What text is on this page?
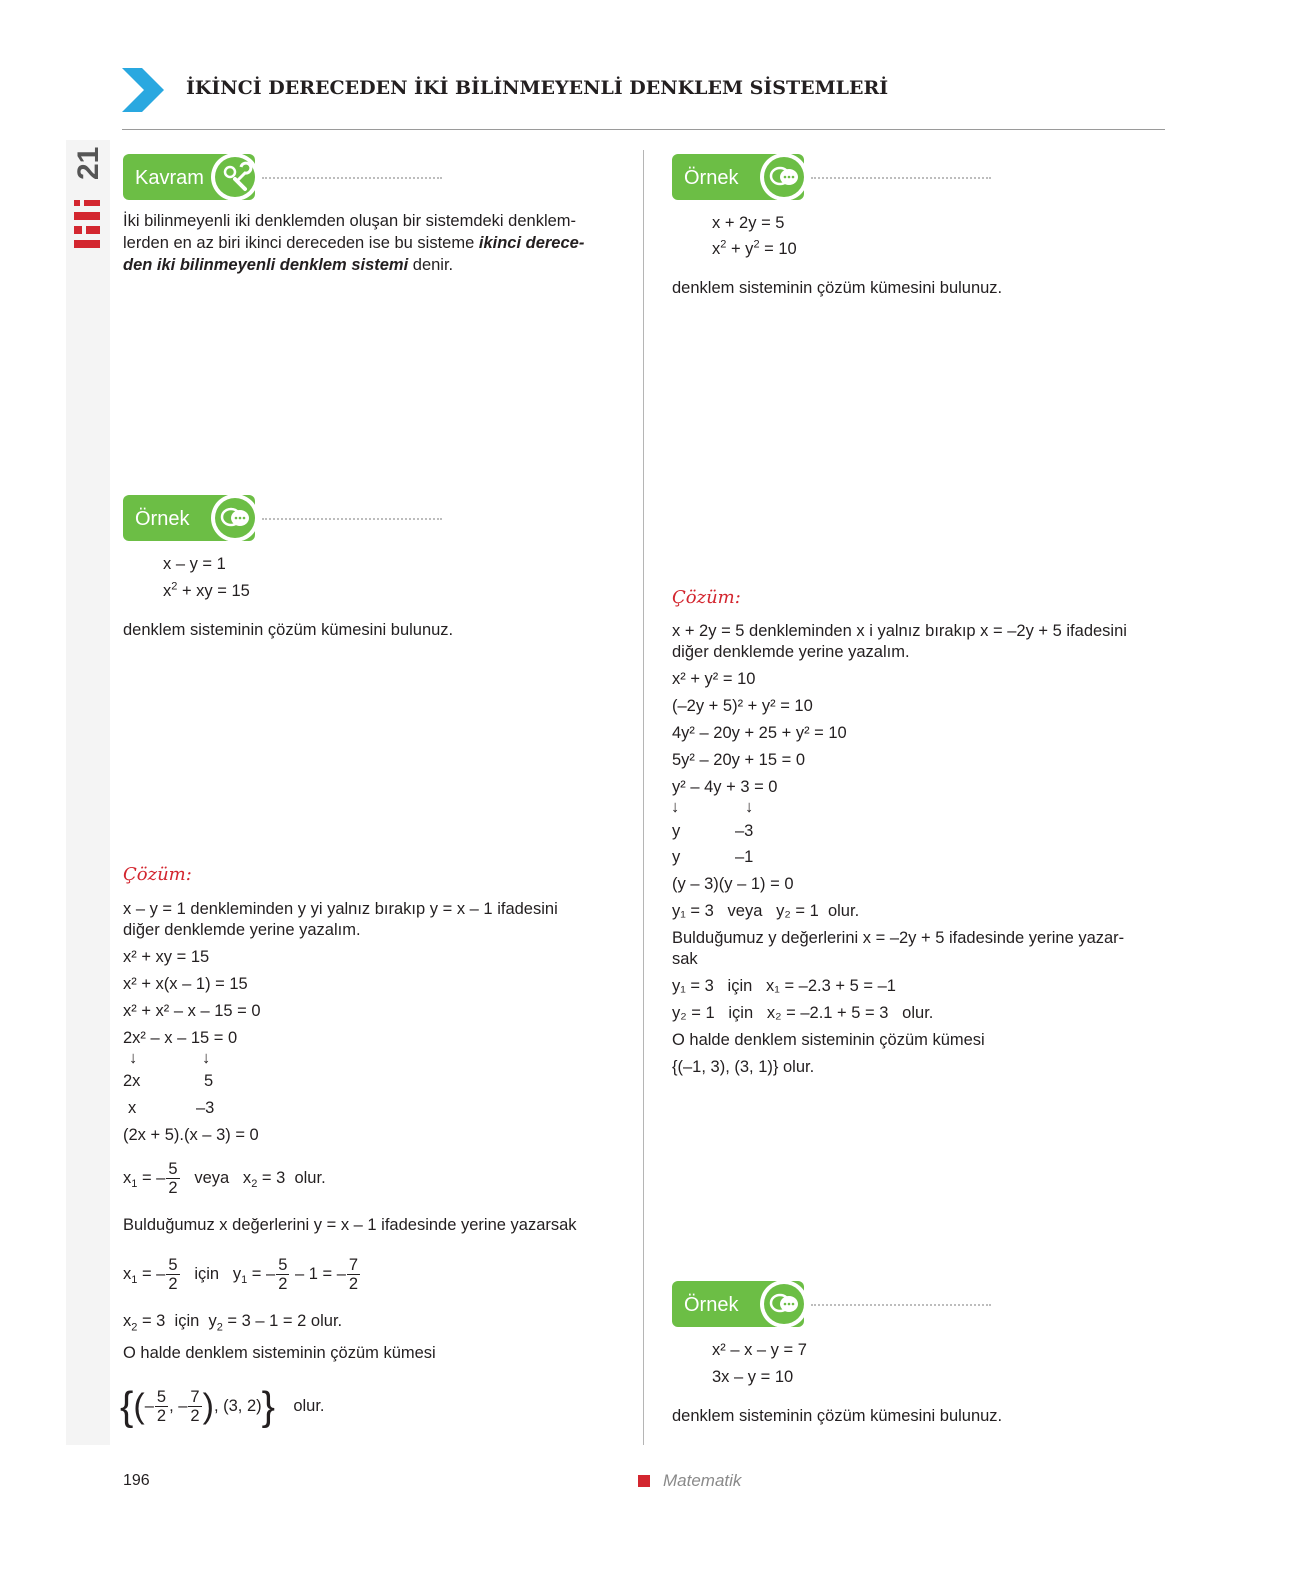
İKİNCİ DERECEDEN İKİ BİLİNMEYENLİ DENKLEM SİSTEMLERİ
21 Kavram
İki bilinmeyenli iki denklemden oluşan bir sistemdeki denklem-
lerden en az biri ikinci dereceden ise bu sisteme ikinci derece-
den iki bilinmeyenli denklem sistemi denir.
Örnek
x – y = 1
$x^2$ + xy = 15
denklem sisteminin çözüm kümesini bulunuz.
Çözüm:
x – y = 1 denkleminden y yi yalnız bırakıp y = x – 1 ifadesini
diğer denklemde yerine yazalım.
x² + xy = 15
x² + x(x – 1) = 15
x² + x² – x – 15 = 0
2x² – x – 15 = 0
↓	↓
2x	5
x	–3
(2x + 5).(x – 3) = 0
$x_1$ = – $\frac{5}{2}$ veya   $x_2 = 3$  olur.
Bulduğumuz x değerlerini y = x – 1 ifadesinde yerine yazarsak
$x_1$ = – $\frac{5}{2}$ için   $y_1$ = – $\frac{5}{2} - 1$ = – $\frac{7}{2}$
$x_2 = 3$  için  $y_2 = 3 - 1 = 2$ olur.
O halde denklem sisteminin çözüm kümesi
{(– $\frac{5}{2}$ , – $\frac{7}{2}$ ), (3, 2)} olur.
Örnek
x + 2y = 5
$x^2 + y^2 = 10$
denklem sisteminin çözüm kümesini bulunuz.
Çözüm:
x + 2y = 5 denkleminden x i yalnız bırakıp x = –2y + 5 ifadesini
diğer denklemde yerine yazalım.
x² + y² = 10
(–2y + 5)² + y² = 10
4y² – 20y + 25 + y² = 10
5y² – 20y + 15 = 0
y² – 4y + 3 = 0
↓	↓
y	–3
y	–1
(y – 3)(y – 1) = 0
y₁ = 3   veya   y₂ = 1  olur.
Bulduğumuz y değerlerini x = –2y + 5 ifadesinde yerine yazar-
sak
y₁ = 3   için   x₁ = –2.3 + 5 = –1
y₂ = 1   için   x₂ = –2.1 + 5 = 3   olur.
O halde denklem sisteminin çözüm kümesi
{(–1, 3), (3, 1)} olur.
Örnek
x² – x – y = 7
3x – y = 10
denklem sisteminin çözüm kümesini bulunuz.
196	Matematik
